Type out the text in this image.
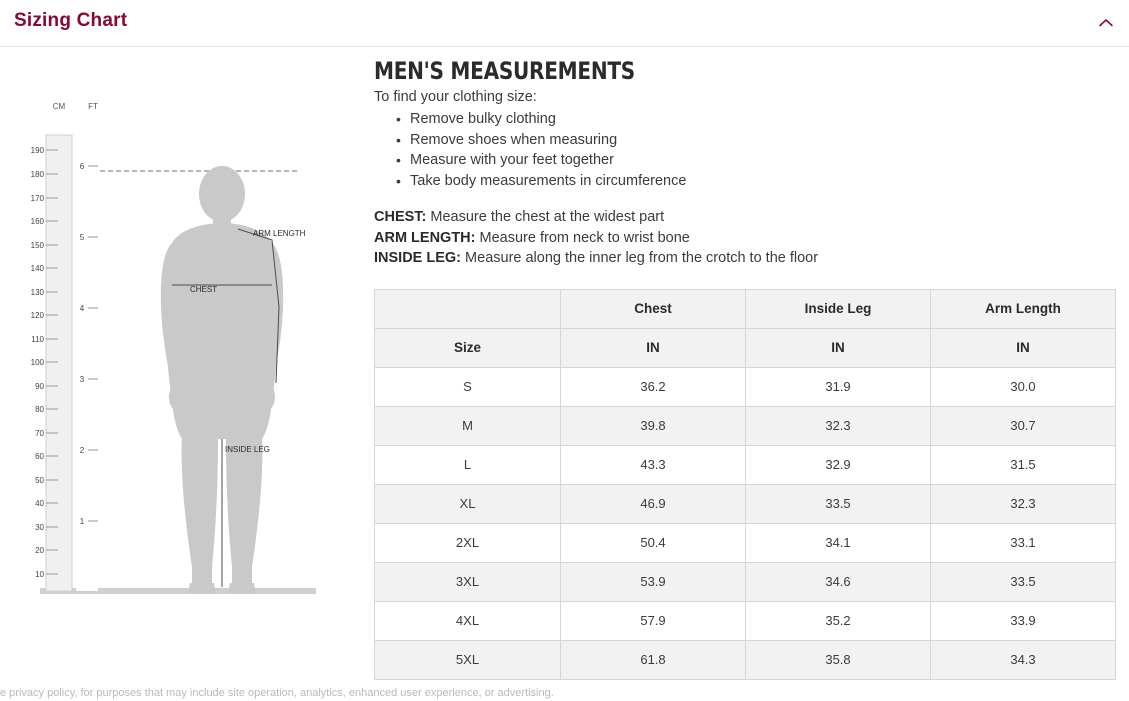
Sizing Chart
CM	FT
190
180
170
160
150
140
130
120
110
100
90
80
70
60
50
40
30
20
10
6
5
4
3
2
1
ARM LENGTH
CHEST
INSIDE LEG
MEN'S MEASUREMENTS

To find your clothing size:

• Remove bulky clothing
• Remove shoes when measuring
• Measure with your feet together
• Take body measurements in circumference
CHEST: Measure the chest at the widest part
ARM LENGTH: Measure from neck to wrist bone
INSIDE LEG: Measure along the inner leg from the crotch to the floor
	Chest	Inside Leg	Arm Length
Size	IN	IN	IN
S	36.2	31.9	30.0
M	39.8	32.3	30.7
L	43.3	32.9	31.5
XL	46.9	33.5	32.3
2XL	50.4	34.1	33.1
3XL	53.9	34.6	33.5
4XL	57.9	35.2	33.9
5XL	61.8	35.8	34.3
e privacy policy, for purposes that may include site operation, analytics, enhanced user experience, or advertising.
